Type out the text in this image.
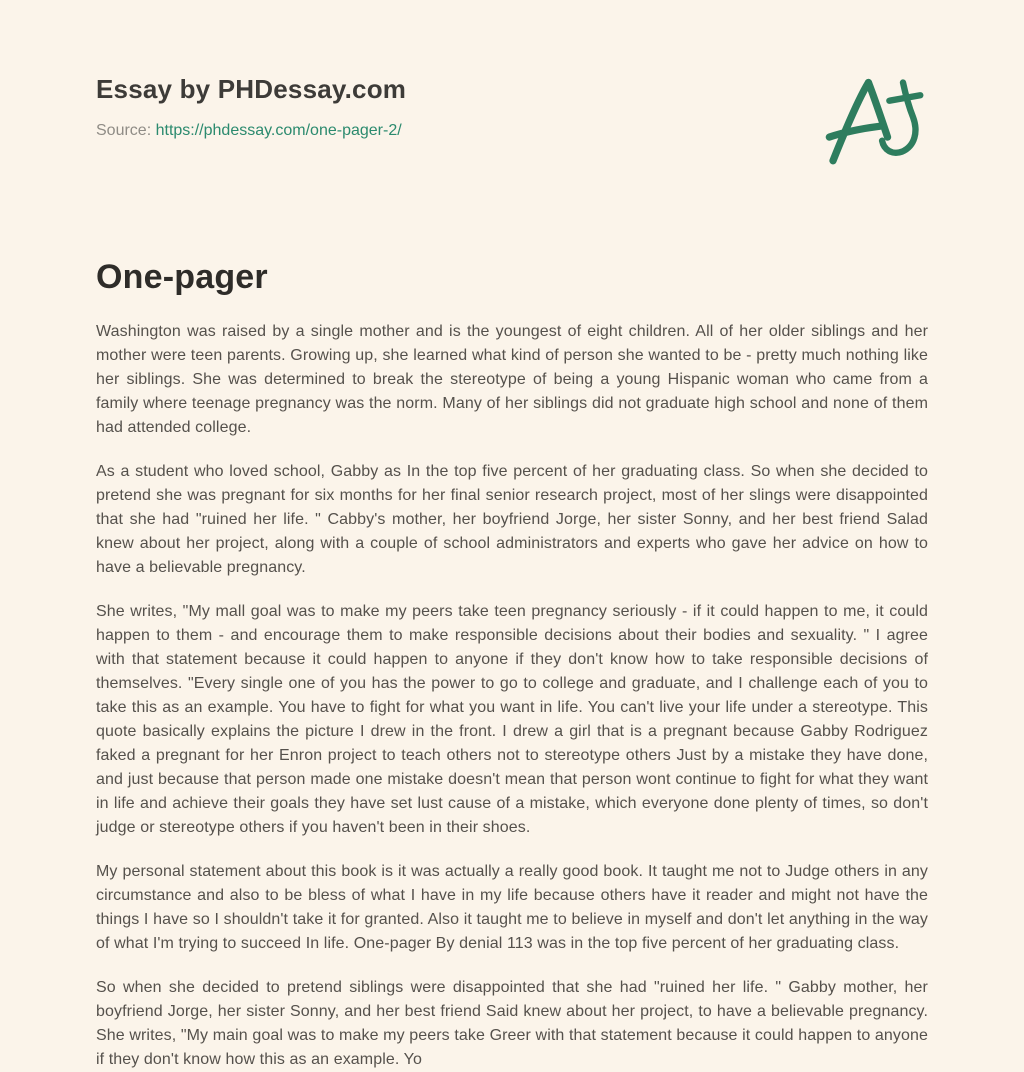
Essay by PHDessay.com
Source: https://phdessay.com/one-pager-2/
One-pager

Washington was raised by a single mother and is the youngest of eight children. All of her older siblings and her mother were teen parents. Growing up, she learned what kind of person she wanted to be - pretty much nothing like her siblings. She was determined to break the stereotype of being a young Hispanic woman who came from a family where teenage pregnancy was the norm. Many of her siblings did not graduate high school and none of them had attended college.

As a student who loved school, Gabby as In the top five percent of her graduating class. So when she decided to pretend she was pregnant for six months for her final senior research project, most of her slings were disappointed that she had "ruined her life. " Cabby's mother, her boyfriend Jorge, her sister Sonny, and her best friend Salad knew about her project, along with a couple of school administrators and experts who gave her advice on how to have a believable pregnancy.

She writes, "My mall goal was to make my peers take teen pregnancy seriously - if it could happen to me, it could happen to them - and encourage them to make responsible decisions about their bodies and sexuality. " I agree with that statement because it could happen to anyone if they don't know how to take responsible decisions of themselves. "Every single one of you has the power to go to college and graduate, and I challenge each of you to take this as an example. You have to fight for what you want in life. You can't live your life under a stereotype. This quote basically explains the picture I drew in the front. I drew a girl that is a pregnant because Gabby Rodriguez faked a pregnant for her Enron project to teach others not to stereotype others Just by a mistake they have done, and just because that person made one mistake doesn't mean that person wont continue to fight for what they want in life and achieve their goals they have set lust cause of a mistake, which everyone done plenty of times, so don't judge or stereotype others if you haven't been in their shoes.

My personal statement about this book is it was actually a really good book. It taught me not to Judge others in any circumstance and also to be bless of what I have in my life because others have it reader and might not have the things I have so I shouldn't take it for granted. Also it taught me to believe in myself and don't let anything in the way of what I'm trying to succeed In life. One-pager By denial 113 was in the top five percent of her graduating class.

So when she decided to pretend siblings were disappointed that she had "ruined her life. " Gabby mother, her boyfriend Jorge, her sister Sonny, and her best friend Said knew about her project, to have a believable pregnancy. She writes, "My main goal was to make my peers take Greer with that statement because it could happen to anyone if they don't know how this as an example. Yo
